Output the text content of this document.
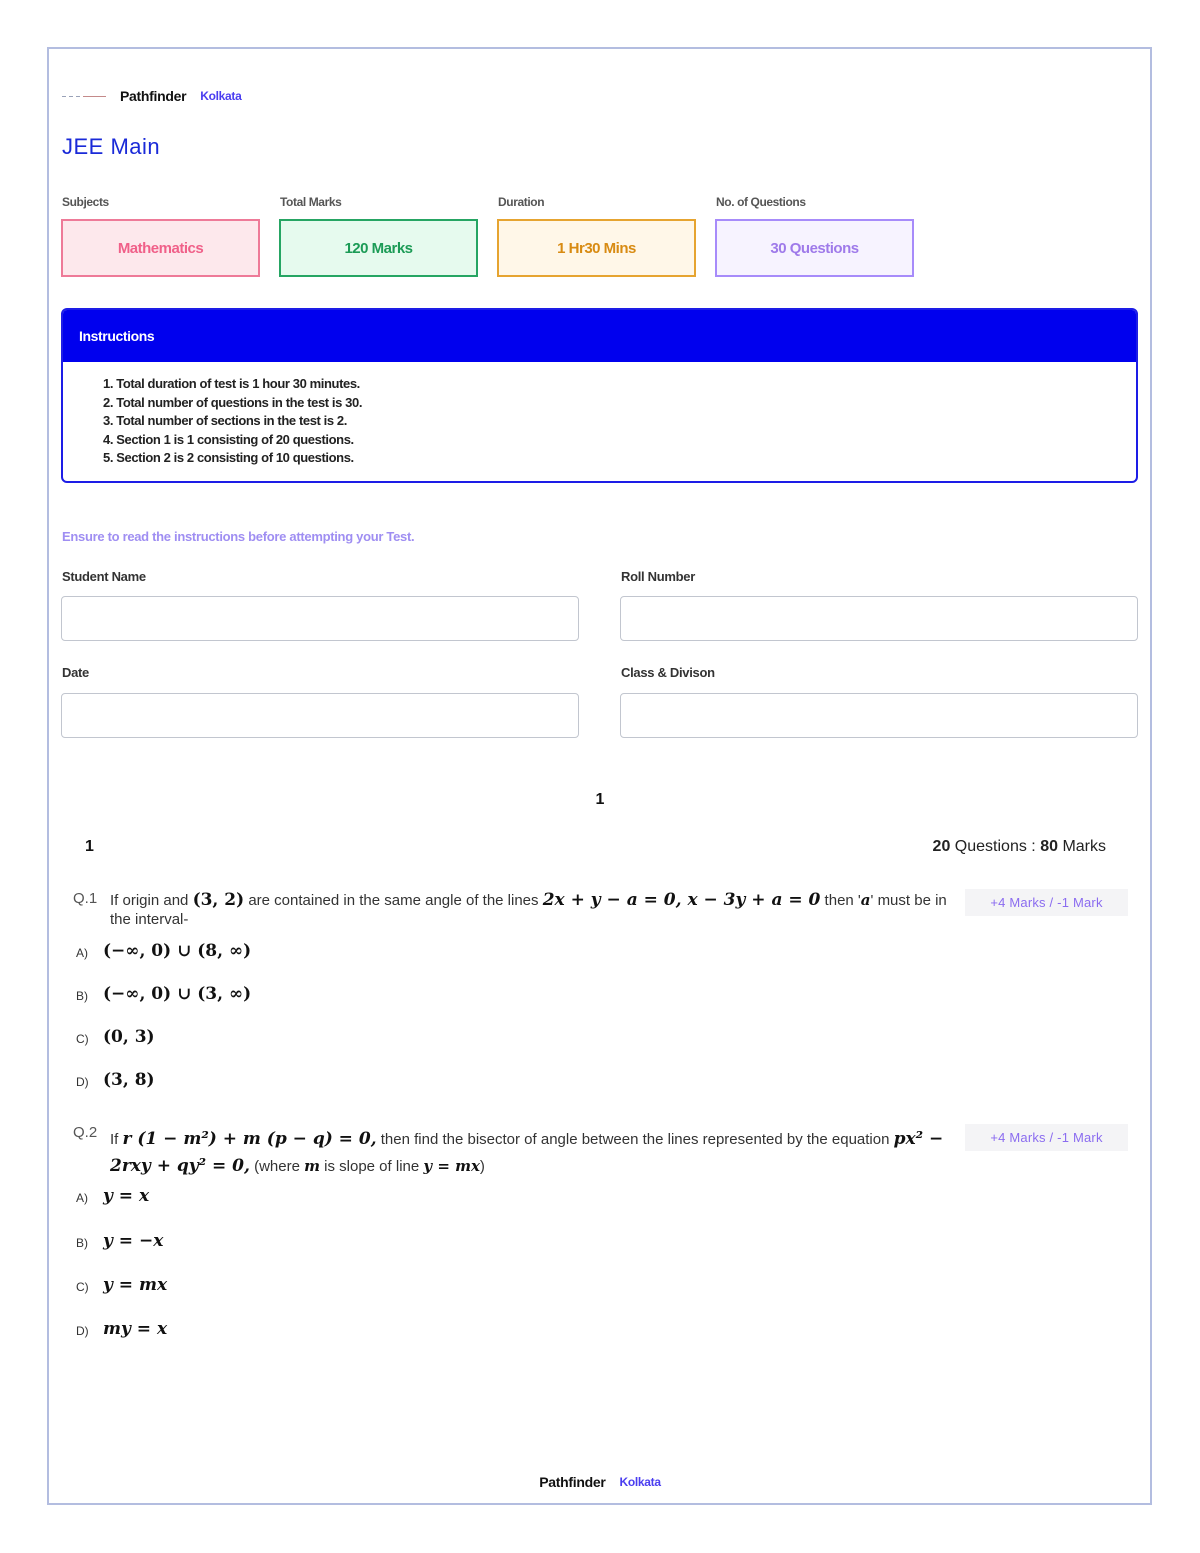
Pathfinder Kolkata
JEE Main
Subjects	Total Marks	Duration	No. of Questions
Mathematics	120 Marks	1 Hr30 Mins	30 Questions
Instructions
1. Total duration of test is 1 hour 30 minutes.
2. Total number of questions in the test is 30.
3. Total number of sections in the test is 2.
4. Section 1 is 1 consisting of 20 questions.
5. Section 2 is 2 consisting of 10 questions.
Ensure to read the instructions before attempting your Test.
Student Name	Roll Number
Date	Class & Divison
1
1	20 Questions : 80 Marks
Q.1 If origin and (3, 2) are contained in the same angle of the lines 2x + y − a = 0, x − 3y + a = 0 then 'a' must be in the interval-
+4 Marks / -1 Mark
A) (−∞, 0) ∪ (8, ∞)
B) (−∞, 0) ∪ (3, ∞)
C) (0, 3)
D) (3, 8)
Q.2 If r (1 − m²) + m (p − q) = 0, then find the bisector of angle between the lines represented by the equation px² − 2rxy + qy² = 0, (where m is slope of line y = mx)
+4 Marks / -1 Mark
A) y = x
B) y = −x
C) y = mx
D) my = x
Pathfinder Kolkata
